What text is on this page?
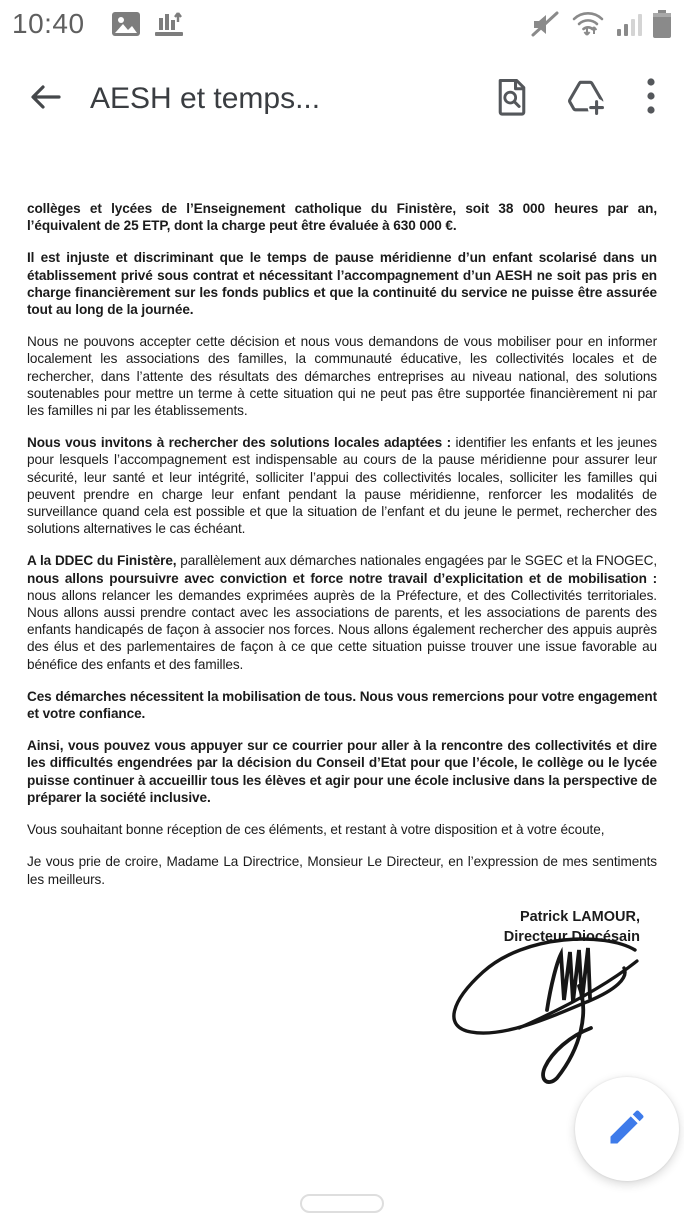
10:40
AESH et temps...

collèges et lycées de l’Enseignement catholique du Finistère, soit 38 000 heures par an, l’équivalent de 25 ETP, dont la charge peut être évaluée à 630 000 €.

Il est injuste et discriminant que le temps de pause méridienne d’un enfant scolarisé dans un établissement privé sous contrat et nécessitant l’accompagnement d’un AESH ne soit pas pris en charge financièrement sur les fonds publics et que la continuité du service ne puisse être assurée tout au long de la journée.

Nous ne pouvons accepter cette décision et nous vous demandons de vous mobiliser pour en informer localement les associations des familles, la communauté éducative, les collectivités locales et de rechercher, dans l’attente des résultats des démarches entreprises au niveau national, des solutions soutenables pour mettre un terme à cette situation qui ne peut pas être supportée financièrement ni par les familles ni par les établissements.

Nous vous invitons à rechercher des solutions locales adaptées : identifier les enfants et les jeunes pour lesquels l’accompagnement est indispensable au cours de la pause méridienne pour assurer leur sécurité, leur santé et leur intégrité, solliciter l’appui des collectivités locales, solliciter les familles qui peuvent prendre en charge leur enfant pendant la pause méridienne, renforcer les modalités de surveillance quand cela est possible et que la situation de l’enfant et du jeune le permet, rechercher des solutions alternatives le cas échéant.

A la DDEC du Finistère, parallèlement aux démarches nationales engagées par le SGEC et la FNOGEC, nous allons poursuivre avec conviction et force notre travail d’explicitation et de mobilisation : nous allons relancer les demandes exprimées auprès de la Préfecture, et des Collectivités territoriales. Nous allons aussi prendre contact avec les associations de parents, et les associations de parents des enfants handicapés de façon à associer nos forces. Nous allons également rechercher des appuis auprès des élus et des parlementaires de façon à ce que cette situation puisse trouver une issue favorable au bénéfice des enfants et des familles.

Ces démarches nécessitent la mobilisation de tous. Nous vous remercions pour votre engagement et votre confiance.

Ainsi, vous pouvez vous appuyer sur ce courrier pour aller à la rencontre des collectivités et dire les difficultés engendrées par la décision du Conseil d’Etat pour que l’école, le collège ou le lycée puisse continuer à accueillir tous les élèves et agir pour une école inclusive dans la perspective de préparer la société inclusive.

Vous souhaitant bonne réception de ces éléments, et restant à votre disposition et à votre écoute,

Je vous prie de croire, Madame La Directrice, Monsieur Le Directeur, en l’expression de mes sentiments les meilleurs.

Patrick LAMOUR,
Directeur Diocésain
